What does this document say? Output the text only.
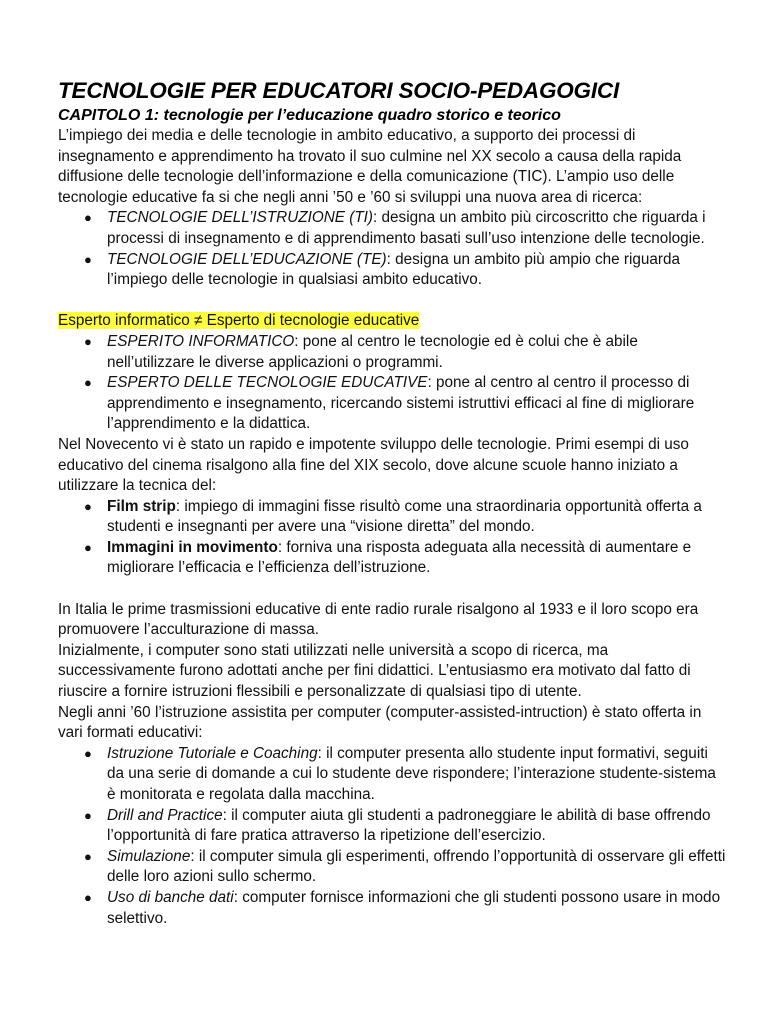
TECNOLOGIE PER EDUCATORI SOCIO-PEDAGOGICI
CAPITOLO 1: tecnologie per l’educazione quadro storico e teorico

L’impiego dei media e delle tecnologie in ambito educativo, a supporto dei processi di insegnamento e apprendimento ha trovato il suo culmine nel XX secolo a causa della rapida diffusione delle tecnologie dell’informazione e della comunicazione (TIC). L’ampio uso delle tecnologie educative fa si che negli anni ’50 e ’60 si sviluppi una nuova area di ricerca:

● TECNOLOGIE DELL’ISTRUZIONE (TI): designa un ambito più circoscritto che riguarda i processi di insegnamento e di apprendimento basati sull’uso intenzione delle tecnologie.
● TECNOLOGIE DELL’EDUCAZIONE (TE): designa un ambito più ampio che riguarda l’impiego delle tecnologie in qualsiasi ambito educativo.

Esperto informatico ≠ Esperto di tecnologie educative

● ESPERITO INFORMATICO: pone al centro le tecnologie ed è colui che è abile nell’utilizzare le diverse applicazioni o programmi.
● ESPERTO DELLE TECNOLOGIE EDUCATIVE: pone al centro al centro il processo di apprendimento e insegnamento, ricercando sistemi istruttivi efficaci al fine di migliorare l’apprendimento e la didattica.

Nel Novecento vi è stato un rapido e impotente sviluppo delle tecnologie. Primi esempi di uso educativo del cinema risalgono alla fine del XIX secolo, dove alcune scuole hanno iniziato a utilizzare la tecnica del:

● Film strip: impiego di immagini fisse risultò come una straordinaria opportunità offerta a studenti e insegnanti per avere una “visione diretta” del mondo.
● Immagini in movimento: forniva una risposta adeguata alla necessità di aumentare e migliorare l’efficacia e l’efficienza dell’istruzione.

In Italia le prime trasmissioni educative di ente radio rurale risalgono al 1933 e il loro scopo era promuovere l’acculturazione di massa.

Inizialmente, i computer sono stati utilizzati nelle università a scopo di ricerca, ma successivamente furono adottati anche per fini didattici. L’entusiasmo era motivato dal fatto di riuscire a fornire istruzioni flessibili e personalizzate di qualsiasi tipo di utente.

Negli anni ’60 l’istruzione assistita per computer (computer-assisted-intruction) è stato offerta in vari formati educativi:

● Istruzione Tutoriale e Coaching: il computer presenta allo studente input formativi, seguiti da una serie di domande a cui lo studente deve rispondere; l’interazione studente-sistema è monitorata e regolata dalla macchina.
● Drill and Practice: il computer aiuta gli studenti a padroneggiare le abilità di base offrendo l’opportunità di fare pratica attraverso la ripetizione dell’esercizio.
● Simulazione: il computer simula gli esperimenti, offrendo l’opportunità di osservare gli effetti delle loro azioni sullo schermo.
● Uso di banche dati: computer fornisce informazioni che gli studenti possono usare in modo selettivo.
